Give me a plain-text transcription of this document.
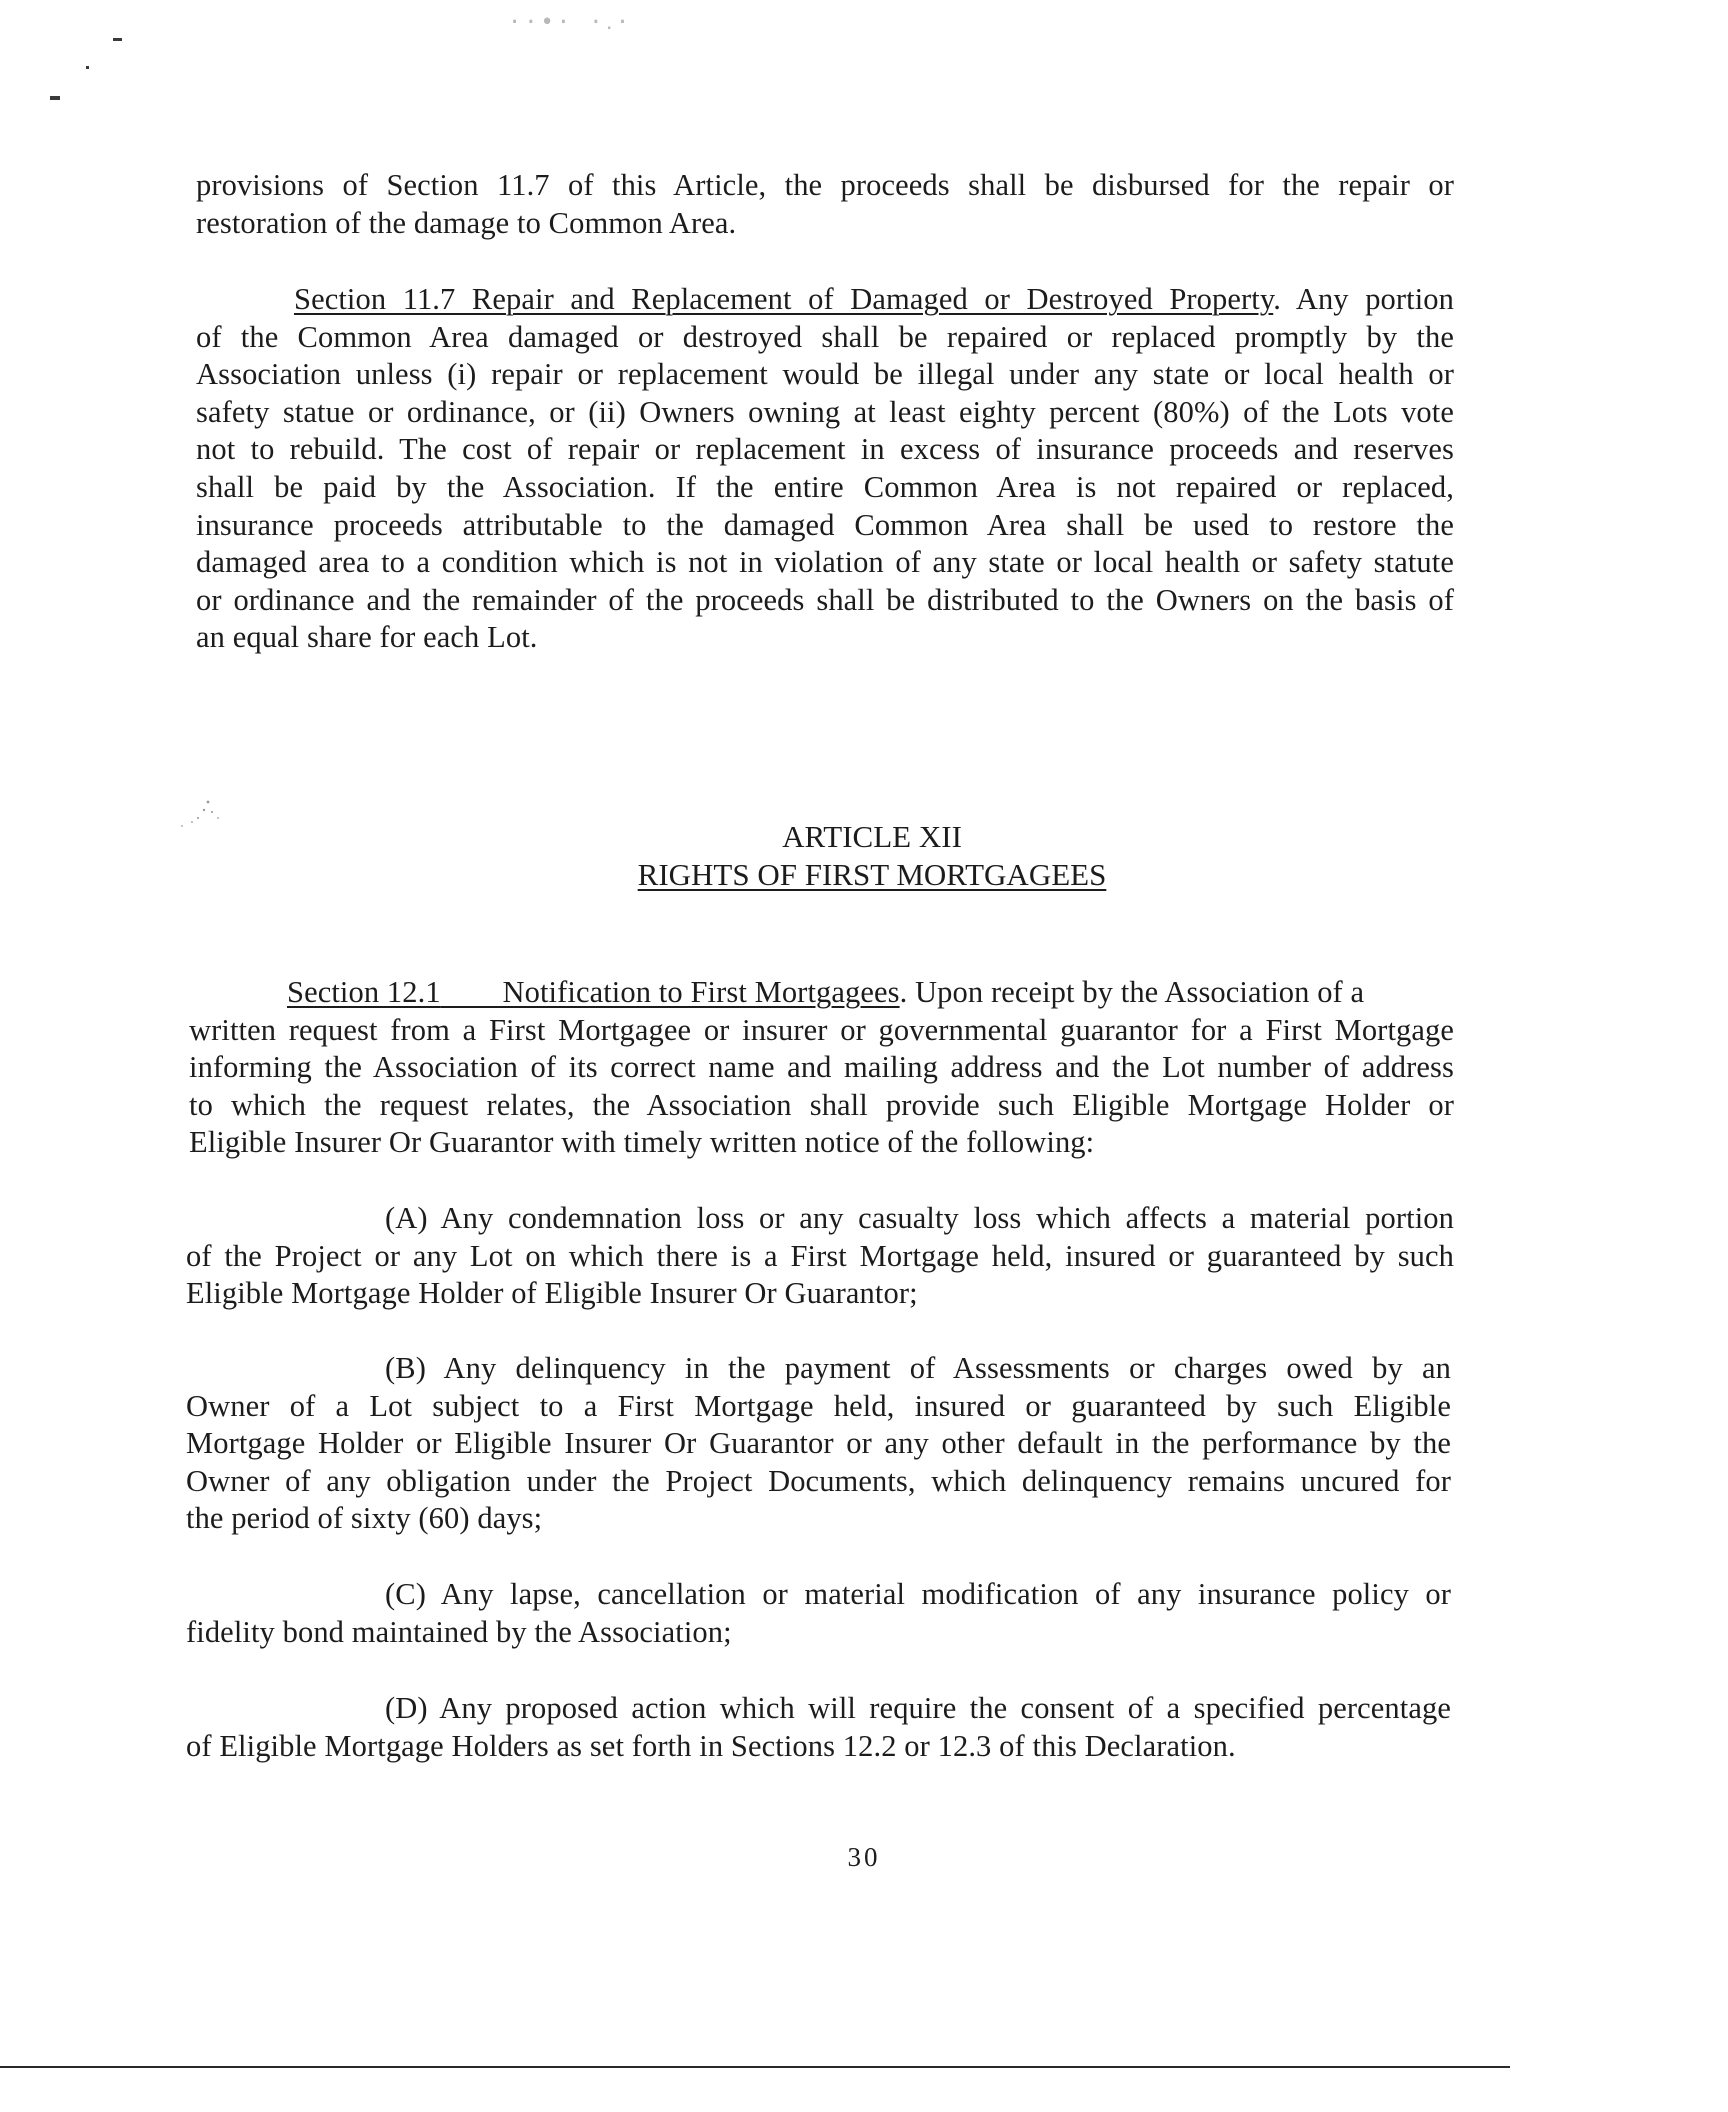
··•· ·․·
provisions of Section 11.7 of this Article, the proceeds shall be disbursed for the repair or
restoration of the damage to Common Area.
Section 11.7 Repair and Replacement of Damaged or Destroyed Property. Any portion
of the Common Area damaged or destroyed shall be repaired or replaced promptly by the
Association unless (i) repair or replacement would be illegal under any state or local health or
safety statue or ordinance, or (ii) Owners owning at least eighty percent (80%) of the Lots vote
not to rebuild. The cost of repair or replacement in excess of insurance proceeds and reserves
shall be paid by the Association. If the entire Common Area is not repaired or replaced,
insurance proceeds attributable to the damaged Common Area shall be used to restore the
damaged area to a condition which is not in violation of any state or local health or safety statute
or ordinance and the remainder of the proceeds shall be distributed to the Owners on the basis of
an equal share for each Lot.

ARTICLE XII

RIGHTS OF FIRST MORTGAGEES

Section 12.1 Notification to First Mortgagees. Upon receipt by the Association of a
written request from a First Mortgagee or insurer or governmental guarantor for a First Mortgage
informing the Association of its correct name and mailing address and the Lot number of address
to which the request relates, the Association shall provide such Eligible Mortgage Holder or
Eligible Insurer Or Guarantor with timely written notice of the following:
(A) Any condemnation loss or any casualty loss which affects a material portion
of the Project or any Lot on which there is a First Mortgage held, insured or guaranteed by such
Eligible Mortgage Holder of Eligible Insurer Or Guarantor;
(B) Any delinquency in the payment of Assessments or charges owed by an
Owner of a Lot subject to a First Mortgage held, insured or guaranteed by such Eligible
Mortgage Holder or Eligible Insurer Or Guarantor or any other default in the performance by the
Owner of any obligation under the Project Documents, which delinquency remains uncured for
the period of sixty (60) days;
(C) Any lapse, cancellation or material modification of any insurance policy or
fidelity bond maintained by the Association;
(D) Any proposed action which will require the consent of a specified percentage
of Eligible Mortgage Holders as set forth in Sections 12.2 or 12.3 of this Declaration.

30
